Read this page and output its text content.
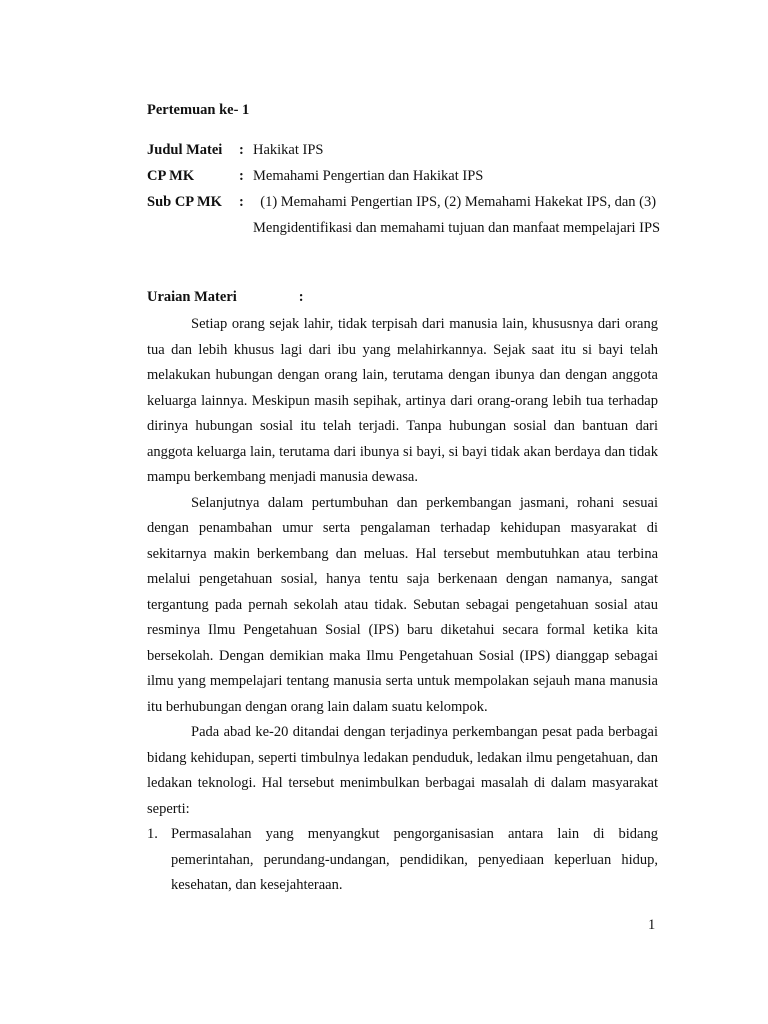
Pertemuan ke- 1

Judul Matei	: Hakikat IPS
CP MK	: Memahami Pengertian dan Hakikat IPS
Sub CP MK	: (1) Memahami Pengertian IPS, (2) Memahami Hakekat IPS, dan (3) Mengidentifikasi dan memahami tujuan dan manfaat mempelajari IPS
Uraian Materi	:

Setiap orang sejak lahir, tidak terpisah dari manusia lain, khususnya dari orang tua dan lebih khusus lagi dari ibu yang melahirkannya. Sejak saat itu si bayi telah melakukan hubungan dengan orang lain, terutama dengan ibunya dan dengan anggota keluarga lainnya. Meskipun masih sepihak, artinya dari orang-orang lebih tua terhadap dirinya hubungan sosial itu telah terjadi. Tanpa hubungan sosial dan bantuan dari anggota keluarga lain, terutama dari ibunya si bayi, si bayi tidak akan berdaya dan tidak mampu berkembang menjadi manusia dewasa.

Selanjutnya dalam pertumbuhan dan perkembangan jasmani, rohani sesuai dengan penambahan umur serta pengalaman terhadap kehidupan masyarakat di sekitarnya makin berkembang dan meluas. Hal tersebut membutuhkan atau terbina melalui pengetahuan sosial, hanya tentu saja berkenaan dengan namanya, sangat tergantung pada pernah sekolah atau tidak. Sebutan sebagai pengetahuan sosial atau resminya Ilmu Pengetahuan Sosial (IPS) baru diketahui secara formal ketika kita bersekolah. Dengan demikian maka Ilmu Pengetahuan Sosial (IPS) dianggap sebagai ilmu yang mempelajari tentang manusia serta untuk mempolakan sejauh mana manusia itu berhubungan dengan orang lain dalam suatu kelompok.

Pada abad ke-20 ditandai dengan terjadinya perkembangan pesat pada berbagai bidang kehidupan, seperti timbulnya ledakan penduduk, ledakan ilmu pengetahuan, dan ledakan teknologi. Hal tersebut menimbulkan berbagai masalah di dalam masyarakat seperti:

1. Permasalahan yang menyangkut pengorganisasian antara lain di bidang pemerintahan, perundang-undangan, pendidikan, penyediaan keperluan hidup, kesehatan, dan kesejahteraan.
1
